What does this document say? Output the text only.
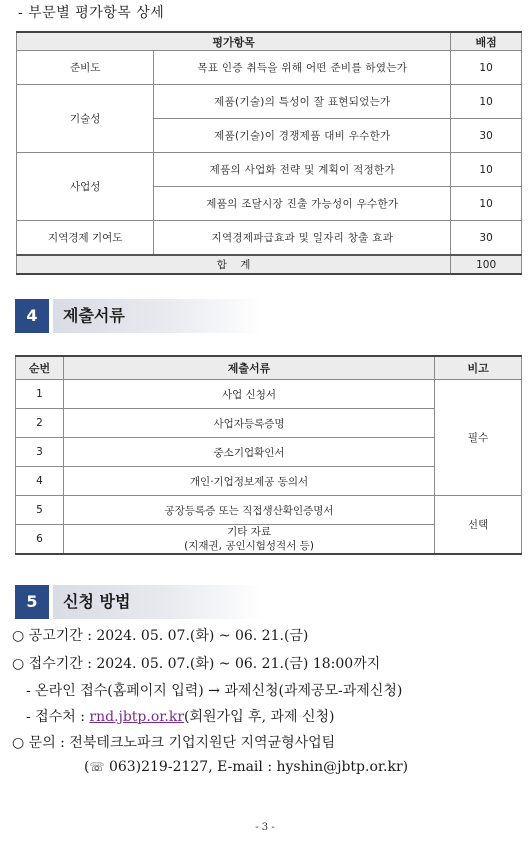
- 부문별 평가항목 상세
평가항목		배점
준비도	목표 인증 취득을 위해 어떤 준비를 하였는가	10
기술성	제품(기술)의 특성이 잘 표현되었는가	10
	제품(기술)이 경쟁제품 대비 우수한가	30
사업성	제품의 사업화 전략 및 계획이 적정한가	10
	제품의 조달시장 진출 가능성이 우수한가	10
지역경제 기여도	지역경제파급효과 및 일자리 창출 효과	30
합    계		100
4	제출서류
순번	제출서류	비고
1	사업 신청서	필수
2	사업자등록증명	
3	중소기업확인서	
4	개인·기업정보제공 동의서	
5	공장등록증 또는 직접생산확인증명서	선택
6	기타 자료
(지재권, 공인시험성적서 등)	
5	신청 방법
○ 공고기간 : 2024. 05. 07.(화) ~ 06. 21.(금)
○ 접수기간 : 2024. 05. 07.(화) ~ 06. 21.(금) 18:00까지
- 온라인 접수(홈페이지 입력) → 과제신청(과제공모-과제신청)
- 접수처 : rnd.jbtp.or.kr(회원가입 후, 과제 신청)
○ 문의 : 전북테크노파크 기업지원단 지역균형사업팀
(☏ 063)219-2127, E-mail : hyshin@jbtp.or.kr)
- 3 -
